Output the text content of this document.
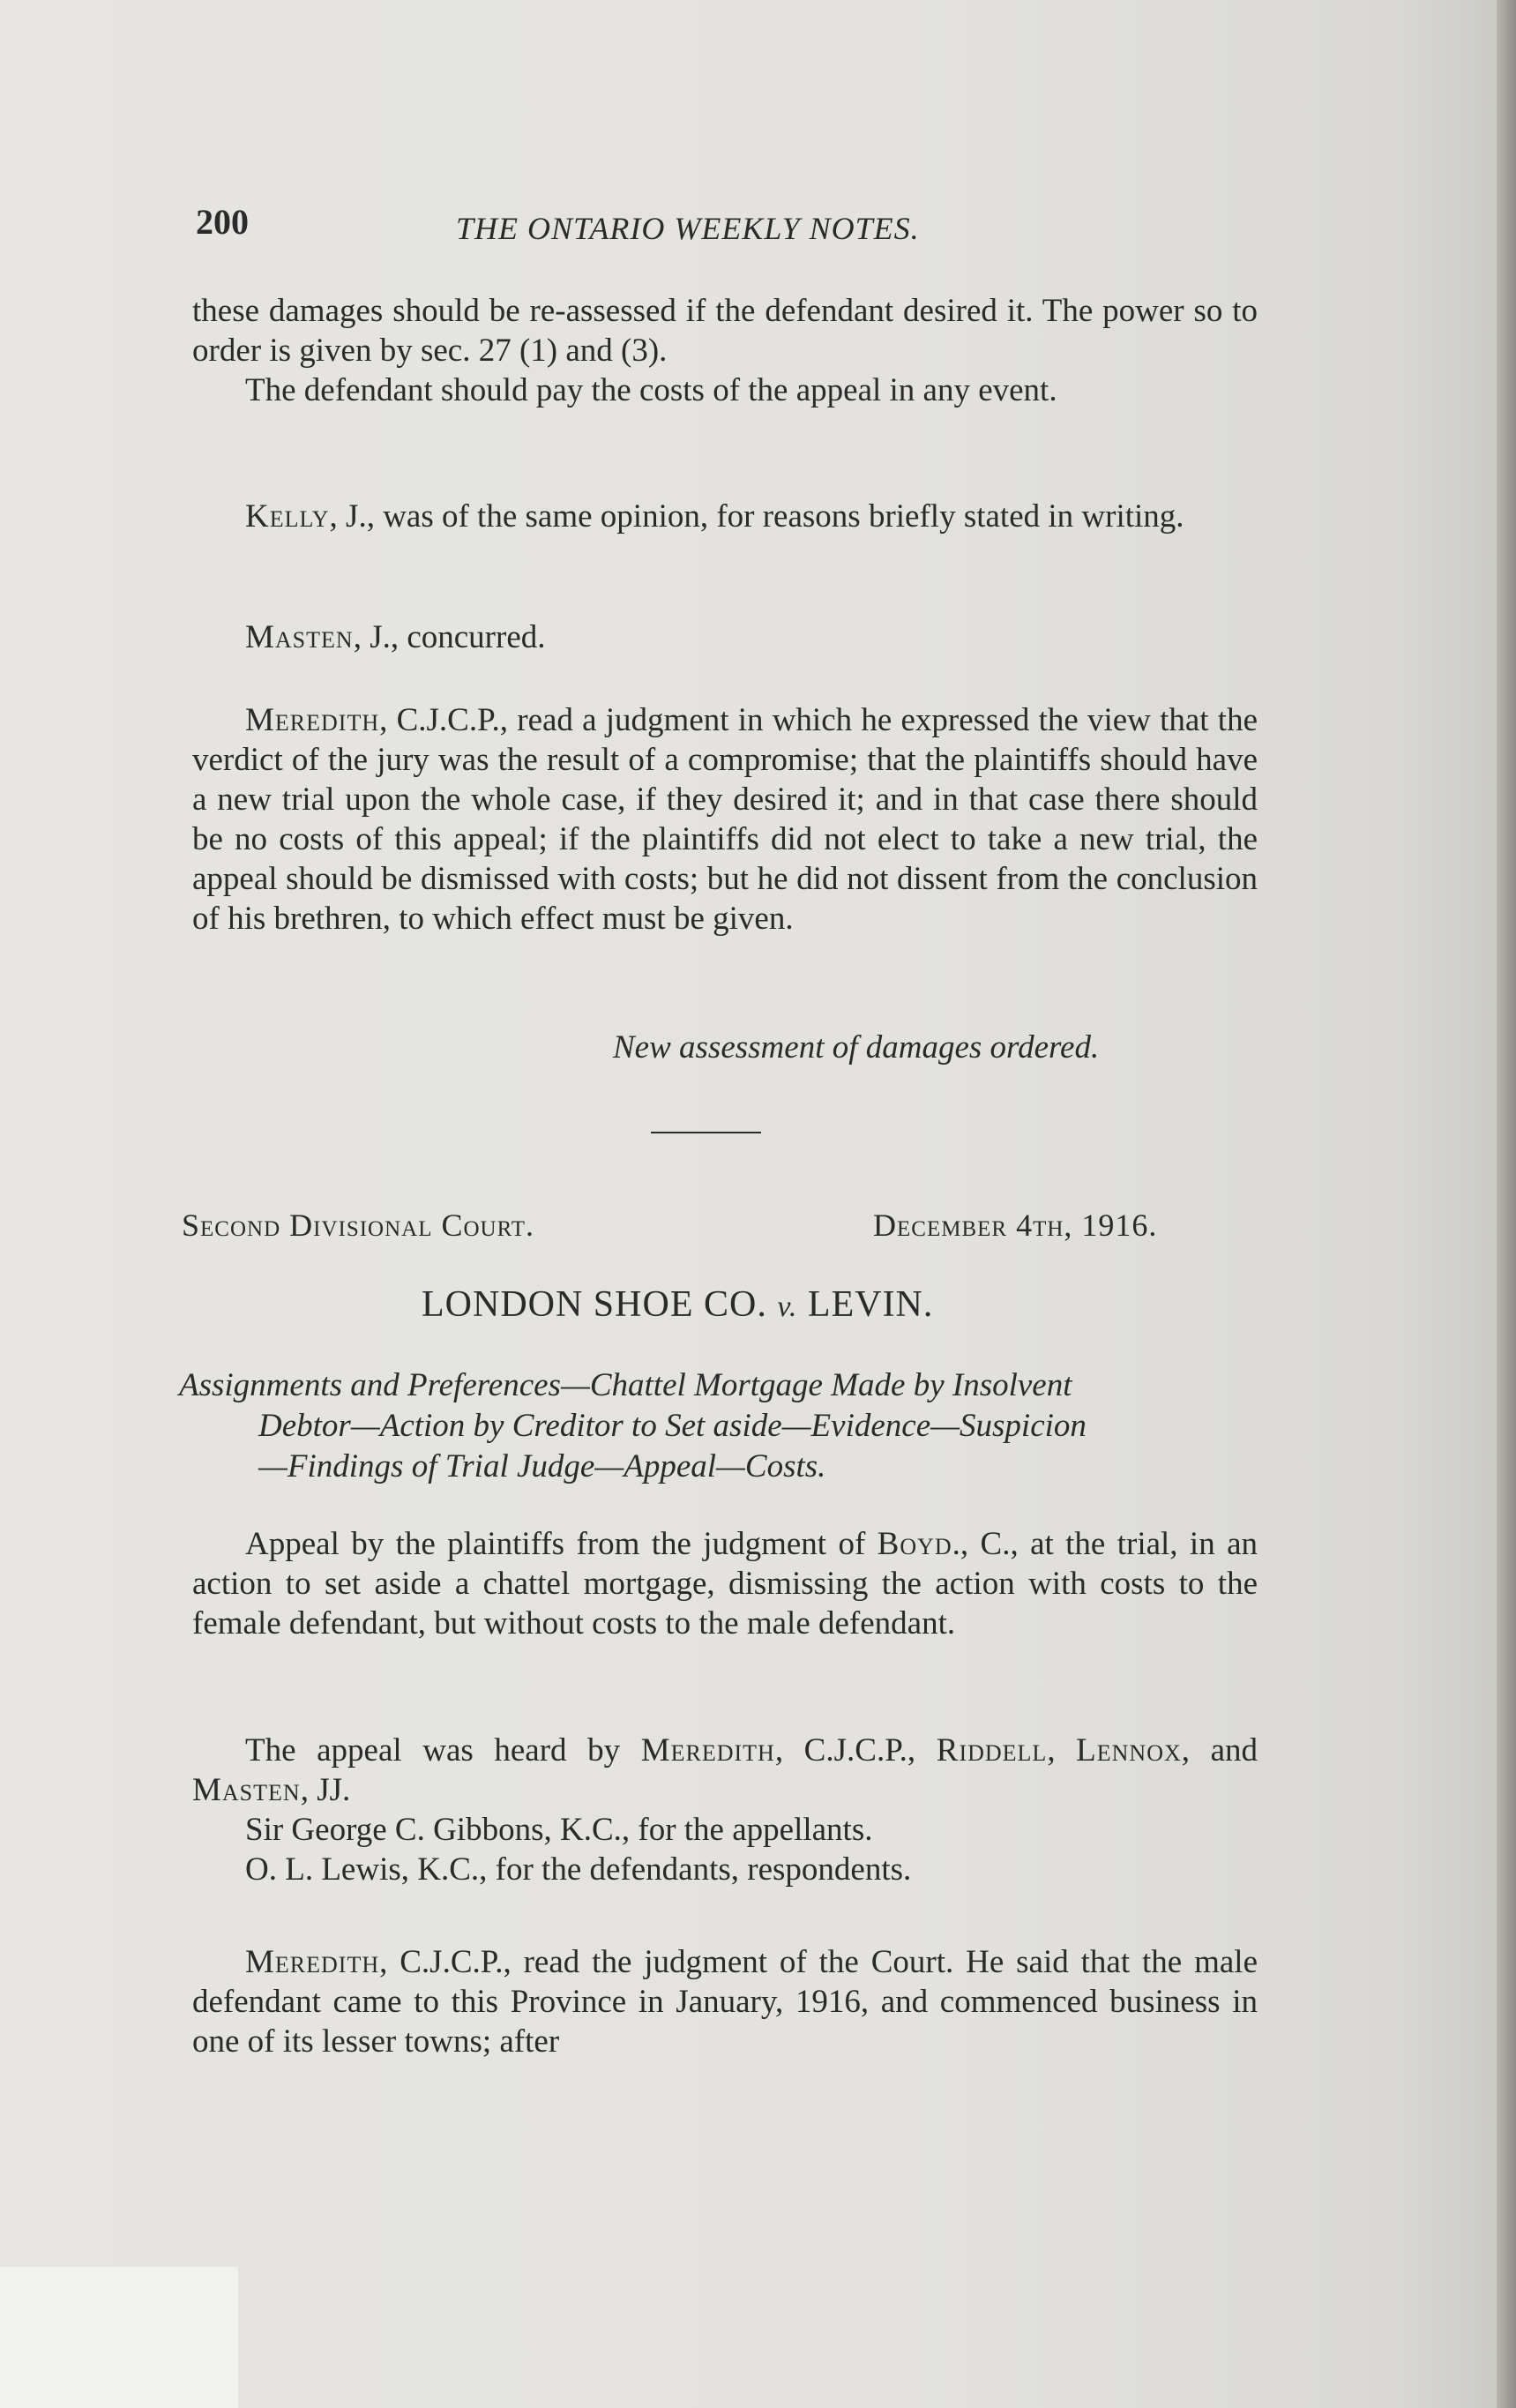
200	THE ONTARIO WEEKLY NOTES.

these damages should be re-assessed if the defendant desired it. The power so to order is given by sec. 27 (1) and (3).

The defendant should pay the costs of the appeal in any event.

Kelly, J., was of the same opinion, for reasons briefly stated in writing.

Masten, J., concurred.

Meredith, C.J.C.P., read a judgment in which he expressed the view that the verdict of the jury was the result of a compromise; that the plaintiffs should have a new trial upon the whole case, if they desired it; and in that case there should be no costs of this appeal; if the plaintiffs did not elect to take a new trial, the appeal should be dismissed with costs; but he did not dissent from the conclusion of his brethren, to which effect must be given.

New assessment of damages ordered.
Second Divisional Court.	December 4th, 1916.
LONDON SHOE CO. v. LEVIN.
Assignments and Preferences—Chattel Mortgage Made by Insolvent
Debtor—Action by Creditor to Set aside—Evidence—Suspicion
—Findings of Trial Judge—Appeal—Costs.

Appeal by the plaintiffs from the judgment of Boyd., C., at the trial, in an action to set aside a chattel mortgage, dismissing the action with costs to the female defendant, but without costs to the male defendant.

The appeal was heard by Meredith, C.J.C.P., Riddell, Lennox, and Masten, JJ.

Sir George C. Gibbons, K.C., for the appellants.

O. L. Lewis, K.C., for the defendants, respondents.

Meredith, C.J.C.P., read the judgment of the Court. He said that the male defendant came to this Province in January, 1916, and commenced business in one of its lesser towns; after
